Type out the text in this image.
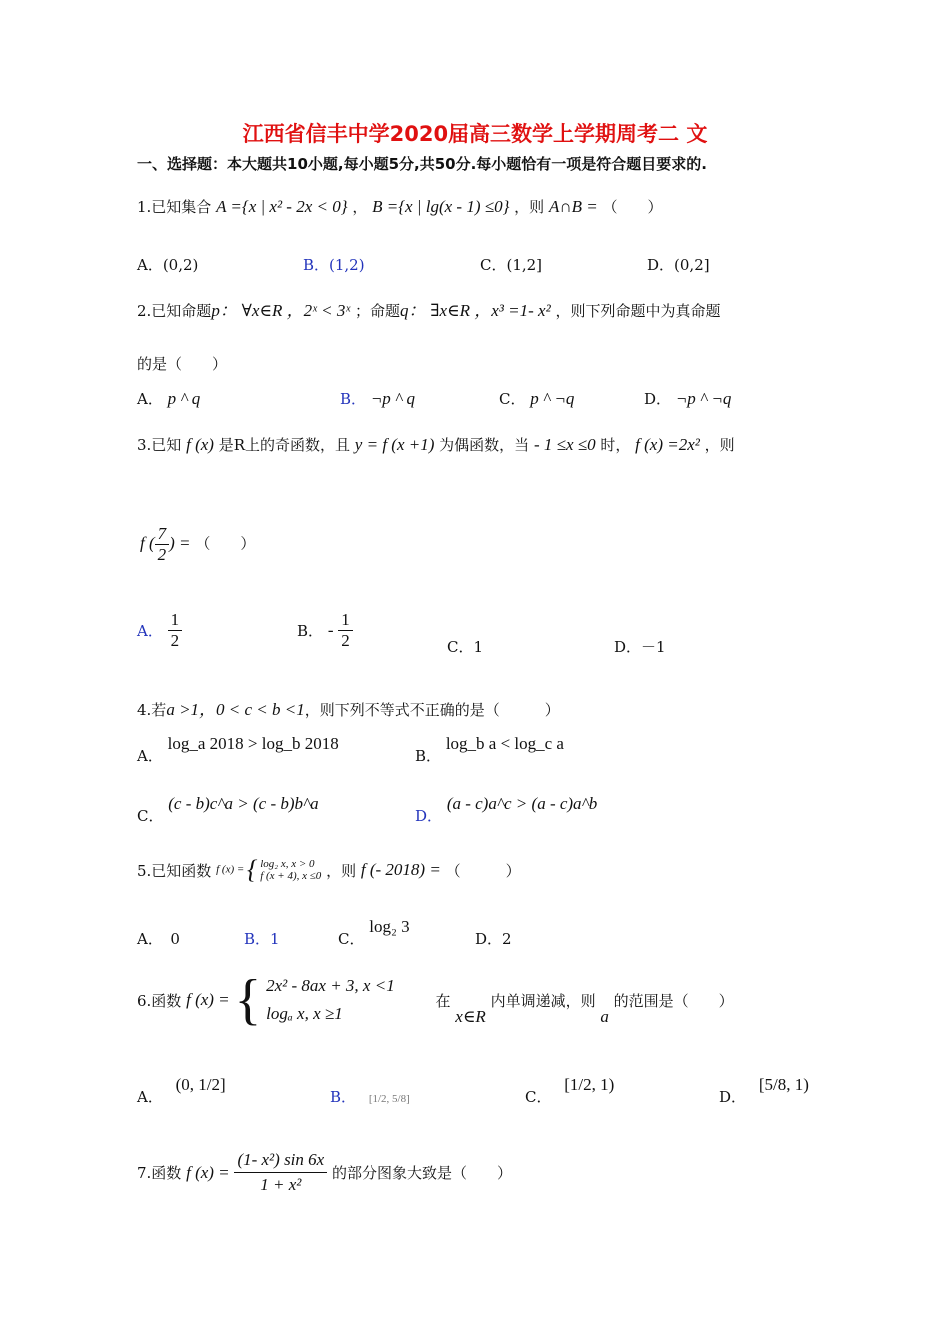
江西省信丰中学2020届高三数学上学期周考二 文
一、选择题：本大题共10小题,每小题5分,共50分.每小题恰有一项是符合题目要求的.
1.已知集合 A ={x | x² - 2x < 0} ， B ={x | lg(x - 1) ≤0} ，则 A∩B = （　　）
A．(0,2)	B．(1,2)	C．(1,2]	D．(0,2]
2.已知命题p： ∀x∈R ，2ˣ < 3ˣ ；命题q： ∃x∈R ，x³ =1- x² ，则下列命题中为真命题
的是（　　）
A． p ^ q	B． ¬p ^ q	C． p ^ ¬q	D． ¬p ^ ¬q
3.已知 f (x) 是R上的奇函数，且 y = f (x +1) 为偶函数，当 - 1 ≤x ≤0 时， f (x) =2x² ，则
f ( $\frac{7}{2}$ ) = （　　）
A． $\frac{1}{2}$	B． - $\frac{1}{2}$	C．1	D．－1
4.若a >1，0 < c < b <1，则下列不等式不正确的是（　　　）
A． log_a 2018 > log_b 2018
B． log_b a < log_c a
C． (c - b)c^a > (c - b)b^a
D． (a - c)a^c > (a - c)a^b
5.已知函数 f (x) = { log₂ x, x > 0
f (x + 4), x ≤0 ，则 f (- 2018) = （　　　）
A．　0	B．1	C． log₂ 3
D．2
6.函数 f (x) = { 2x² - 8ax + 3, x <1
logₐ x, x ≥1
在 x∈R 内单调递减，则 a 的范围是（　　）
A． (0, 1/2]
B． [1/2, 5/8]	C． [1/2, 1)
D． [5/8, 1)
7.函数 f $(x) = \frac{\text{(1- x²) sin 6x}}{\text{1 + x²}}$ 的部分图象大致是（　　）
